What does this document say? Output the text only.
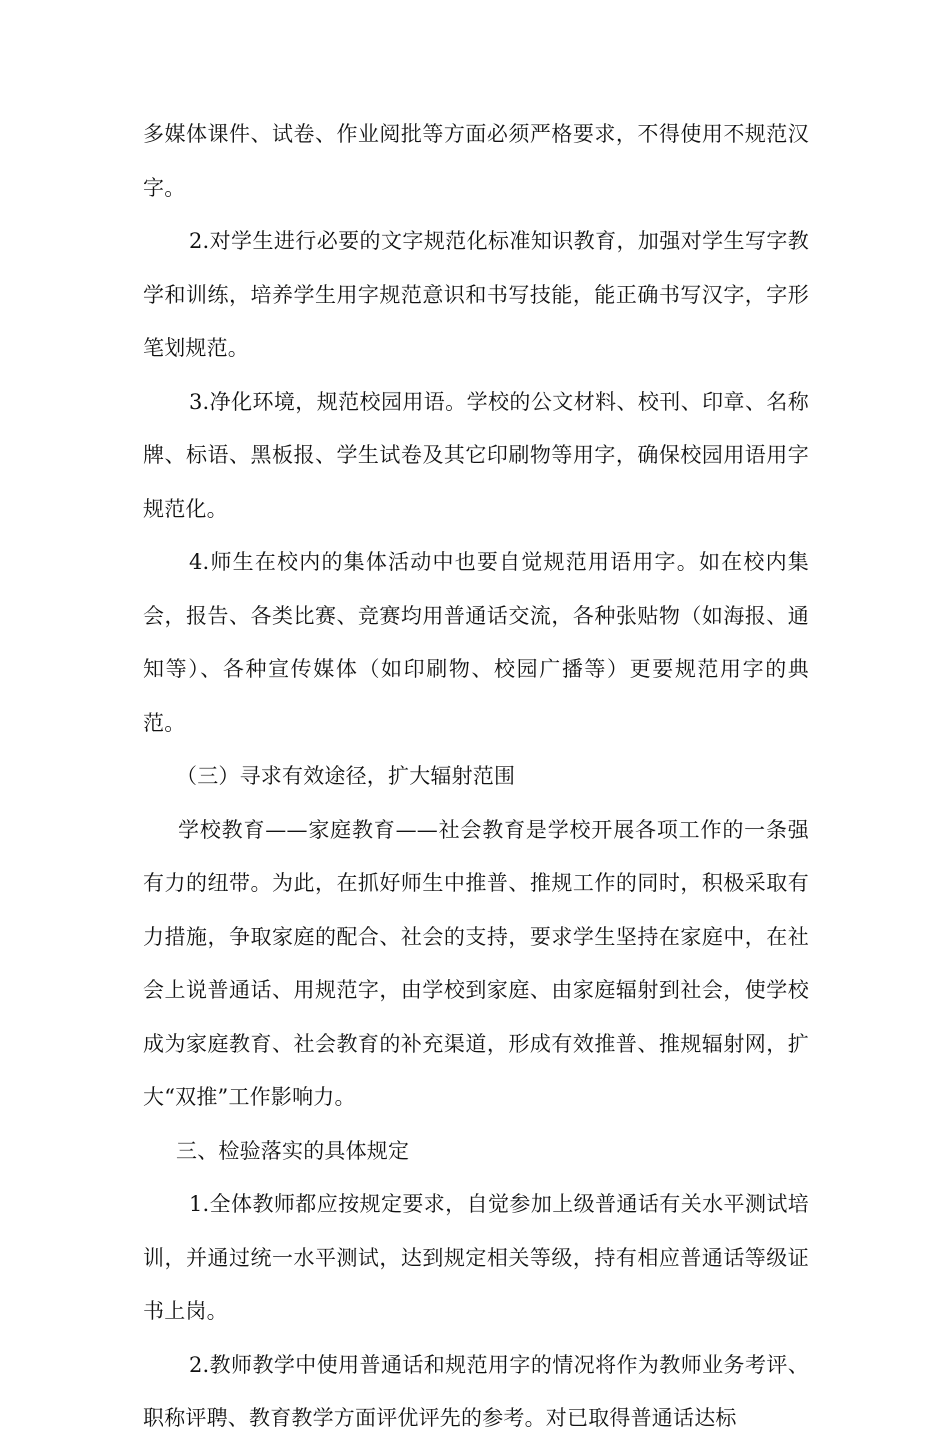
多媒体课件、试卷、作业阅批等方面必须严格要求，不得使用不规范汉字。

2.对学生进行必要的文字规范化标准知识教育，加强对学生写字教学和训练，培养学生用字规范意识和书写技能，能正确书写汉字，字形笔划规范。

3.净化环境，规范校园用语。学校的公文材料、校刊、印章、名称牌、标语、黑板报、学生试卷及其它印刷物等用字，确保校园用语用字规范化。

4.师生在校内的集体活动中也要自觉规范用语用字。如在校内集会，报告、各类比赛、竞赛均用普通话交流，各种张贴物（如海报、通知等）、各种宣传媒体（如印刷物、校园广播等）更要规范用字的典范。

（三）寻求有效途径，扩大辐射范围

学校教育——家庭教育——社会教育是学校开展各项工作的一条强有力的纽带。为此，在抓好师生中推普、推规工作的同时，积极采取有力措施，争取家庭的配合、社会的支持，要求学生坚持在家庭中，在社会上说普通话、用规范字，由学校到家庭、由家庭辐射到社会，使学校成为家庭教育、社会教育的补充渠道，形成有效推普、推规辐射网，扩大“双推”工作影响力。

三、检验落实的具体规定

1.全体教师都应按规定要求，自觉参加上级普通话有关水平测试培训，并通过统一水平测试，达到规定相关等级，持有相应普通话等级证书上岗。

2.教师教学中使用普通话和规范用字的情况将作为教师业务考评、职称评聘、教育教学方面评优评先的参考。对已取得普通话达标
